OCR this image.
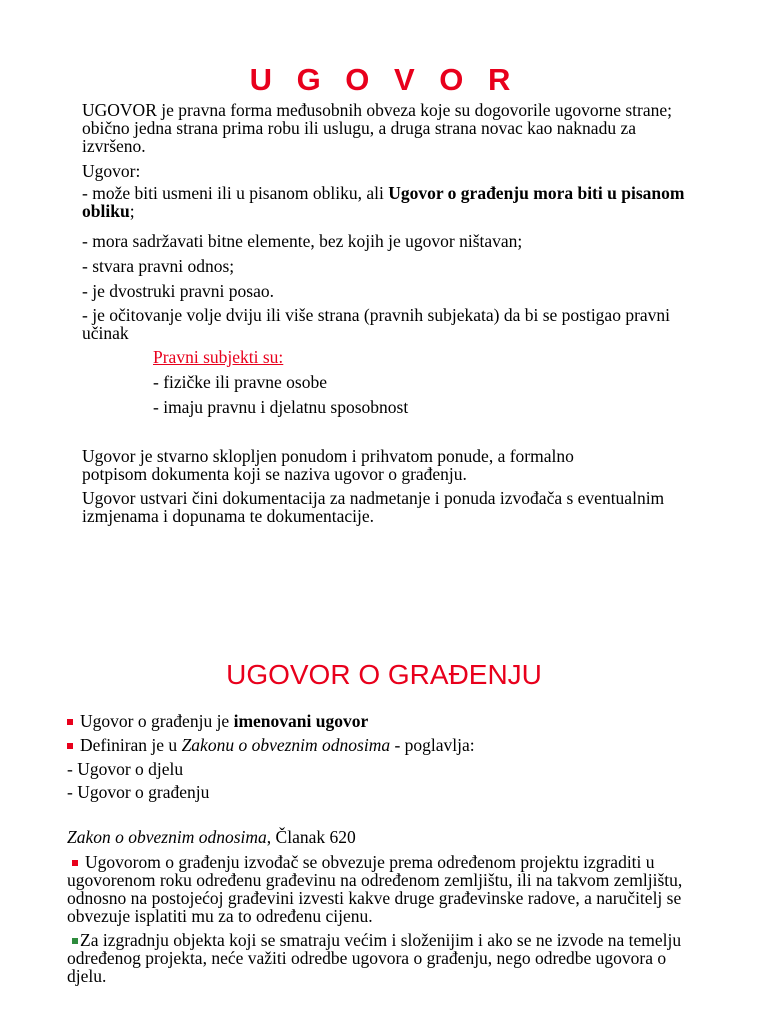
U G O V O R
UGOVOR je pravna forma međusobnih obveza koje su dogovorile ugovorne strane; obično jedna strana prima robu ili uslugu, a druga strana novac kao naknadu za izvršeno.
Ugovor:
- može biti usmeni ili u pisanom obliku, ali Ugovor o građenju mora biti u pisanom obliku;
- mora sadržavati bitne elemente, bez kojih je ugovor ništavan;
- stvara pravni odnos;
- je dvostruki pravni posao.
- je očitovanje volje dviju ili više strana (pravnih subjekata) da bi se postigao pravni učinak
Pravni subjekti su:
- fizičke ili pravne osobe
- imaju pravnu i djelatnu sposobnost
Ugovor je stvarno sklopljen ponudom i prihvatom ponude, a formalno potpisom dokumenta koji se naziva ugovor o građenju.
Ugovor ustvari čini dokumentacija za nadmetanje i ponuda izvođača s eventualnim izmjenama i dopunama te dokumentacije.
UGOVOR O GRAĐENJU
Ugovor o građenju je imenovani ugovor
Definiran je u Zakonu o obveznim odnosima - poglavlja:
- Ugovor o djelu
- Ugovor o građenju
Zakon o obveznim odnosima, Članak 620
Ugovorom o građenju izvođač se obvezuje prema određenom projektu izgraditi u ugovorenom roku određenu građevinu na određenom zemljištu, ili na takvom zemljištu, odnosno na postojećoj građevini izvesti kakve druge građevinske radove, a naručitelj se obvezuje isplatiti mu za to određenu cijenu.
Za izgradnju objekta koji se smatraju većim i složenijim i ako se ne izvode na temelju određenog projekta, neće važiti odredbe ugovora o građenju, nego odredbe ugovora o djelu.
